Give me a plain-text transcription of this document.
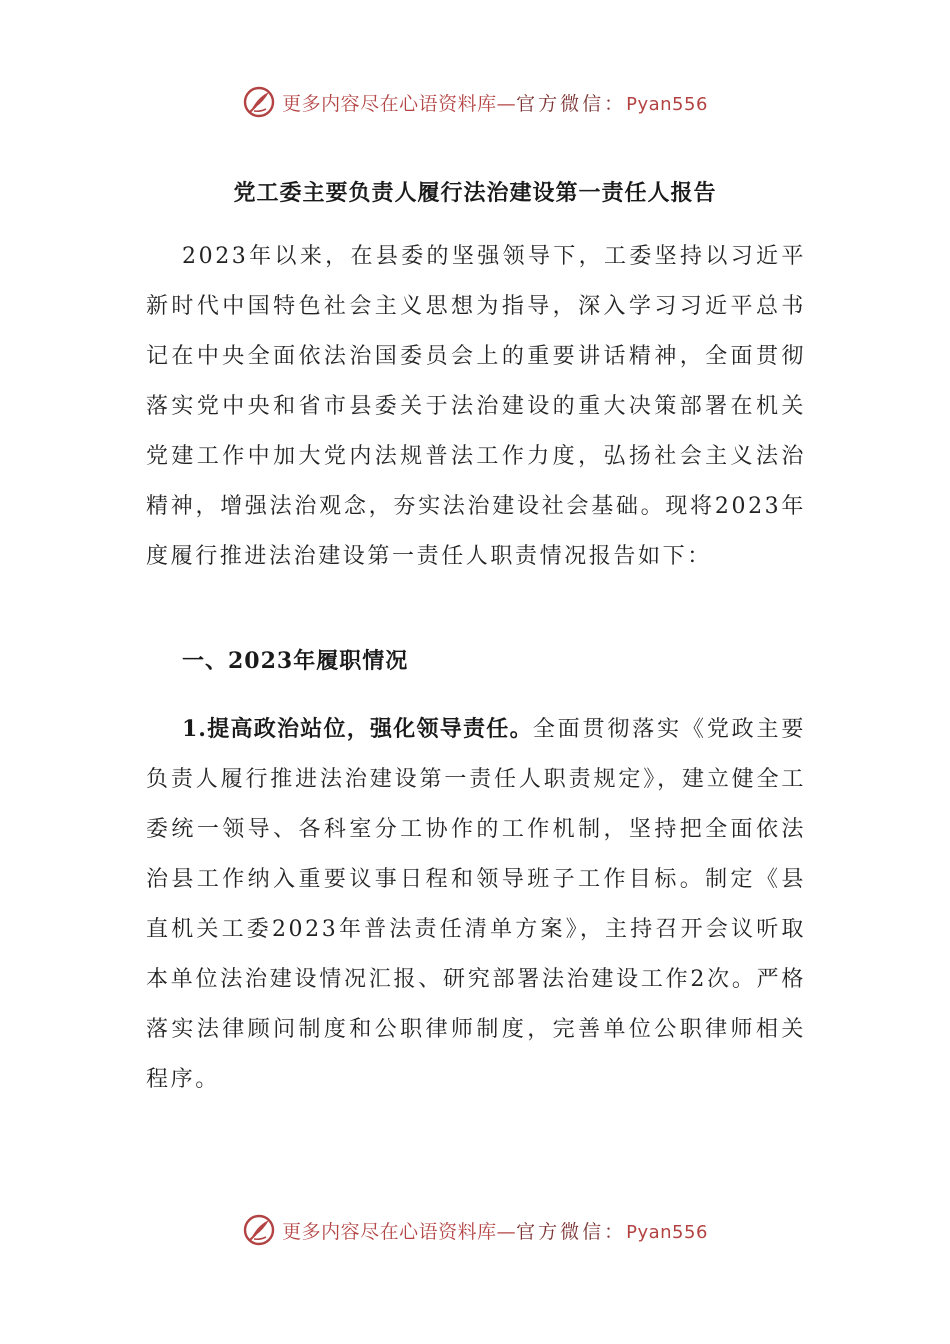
更多内容尽在心语资料库—官方微信：Pyan556
党工委主要负责人履行法治建设第一责任人报告
2023年以来，在县委的坚强领导下，工委坚持以习近平新时代中国特色社会主义思想为指导，深入学习习近平总书记在中央全面依法治国委员会上的重要讲话精神，全面贯彻落实党中央和省市县委关于法治建设的重大决策部署在机关党建工作中加大党内法规普法工作力度，弘扬社会主义法治精神，增强法治观念，夯实法治建设社会基础。现将2023年度履行推进法治建设第一责任人职责情况报告如下：
一、2023年履职情况
1.提高政治站位，强化领导责任。全面贯彻落实《党政主要负责人履行推进法治建设第一责任人职责规定》，建立健全工委统一领导、各科室分工协作的工作机制，坚持把全面依法治县工作纳入重要议事日程和领导班子工作目标。制定《县直机关工委2023年普法责任清单方案》，主持召开会议听取本单位法治建设情况汇报、研究部署法治建设工作2次。严格落实法律顾问制度和公职律师制度，完善单位公职律师相关程序。
更多内容尽在心语资料库—官方微信：Pyan556
